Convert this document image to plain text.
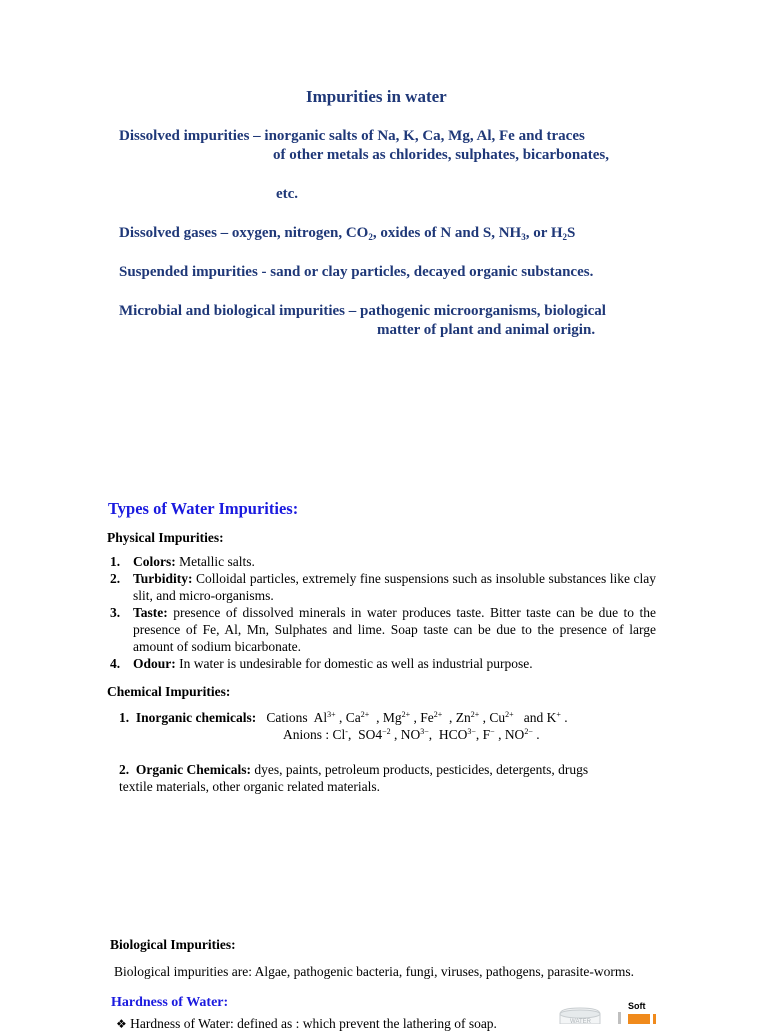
Impurities in water
Dissolved impurities – inorganic salts of Na, K, Ca, Mg, Al, Fe and traces
of other metals as chlorides, sulphates, bicarbonates,
etc.
Dissolved gases – oxygen, nitrogen, $CO_2$, oxides of N and S, $NH_3$, or $H_2S$
Suspended impurities - sand or clay particles, decayed organic substances.
Microbial and biological impurities – pathogenic microorganisms, biological
matter of plant and animal origin.
Types of Water Impurities:
Physical Impurities:
1. Colors: Metallic salts.
2. Turbidity: Colloidal particles, extremely fine suspensions such as insoluble substances like clay slit, and micro-organisms.
3. Taste: presence of dissolved minerals in water produces taste. Bitter taste can be due to the presence of Fe, Al, Mn, Sulphates and lime. Soap taste can be due to the presence of large amount of sodium bicarbonate.
4. Odour: In water is undesirable for domestic as well as industrial purpose.
Chemical Impurities:
1. Inorganic chemicals: Cations $Al^{3+}$ , $Ca^{2+}$  , $Mg^{2+}$ , $Fe^{2+}$  , $Zn^{2+}$ , $Cu^{2+}$   and K+ .
Anions : Cl-,  $SO4^{-2}$ , $NO^{3-}$,  $HCO^{3-}$, F− , $NO^{2-}$ .
2. Organic Chemicals: dyes, paints, petroleum products, pesticides, detergents, drugs
textile materials, other organic related materials.
Biological Impurities:
Biological impurities are: Algae, pathogenic bacteria, fungi, viruses, pathogens, parasite-worms.
Hardness of Water:
❖ Hardness of Water: defined as : which prevent the lathering of soap.	WATER
Soft
